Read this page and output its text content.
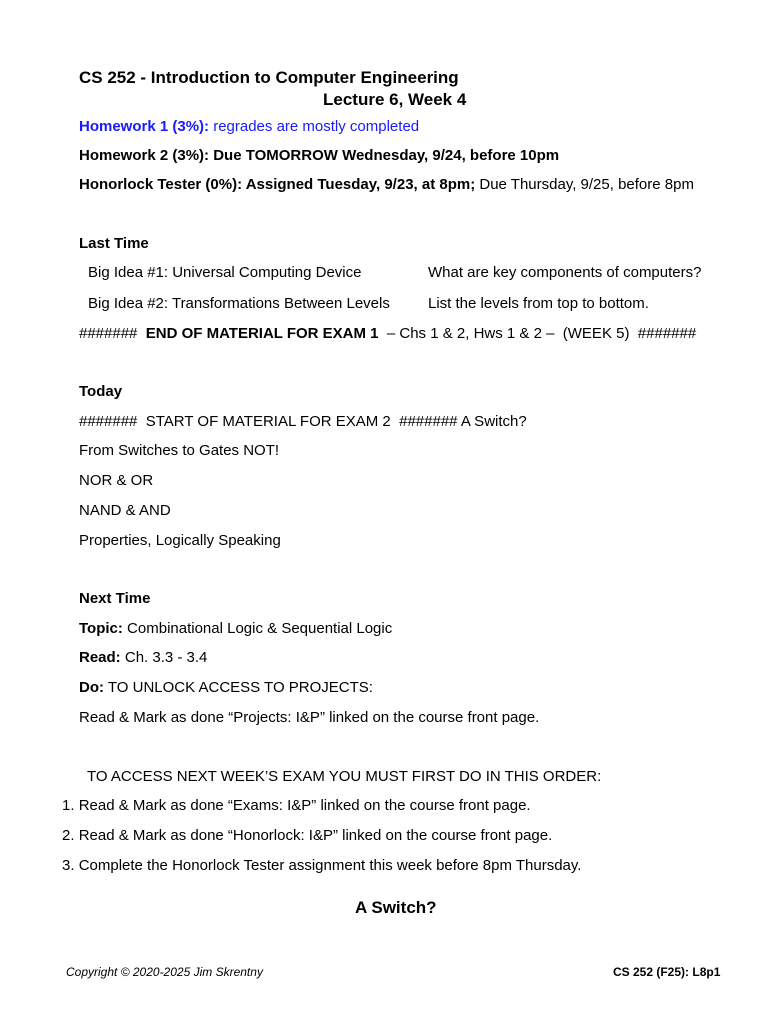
CS 252 - Introduction to Computer Engineering
Lecture 6, Week 4
Homework 1 (3%): regrades are mostly completed
Homework 2 (3%): Due TOMORROW Wednesday, 9/24, before 10pm
Honorlock Tester (0%): Assigned Tuesday, 9/23, at 8pm; Due Thursday, 9/25, before 8pm
Last Time
Big Idea #1: Universal Computing Device	What are key components of computers?
Big Idea #2: Transformations Between Levels	List the levels from top to bottom.
#######  END OF MATERIAL FOR EXAM 1  – Chs 1 & 2, Hws 1 & 2 –  (WEEK 5)  #######
Today
#######  START OF MATERIAL FOR EXAM 2  ####### A Switch?
From Switches to Gates NOT!
NOR & OR
NAND & AND
Properties, Logically Speaking
Next Time
Topic: Combinational Logic & Sequential Logic
Read: Ch. 3.3 - 3.4
Do: TO UNLOCK ACCESS TO PROJECTS:
Read & Mark as done “Projects: I&P” linked on the course front page.
TO ACCESS NEXT WEEK’S EXAM YOU MUST FIRST DO IN THIS ORDER:
1. Read & Mark as done “Exams: I&P” linked on the course front page.
2. Read & Mark as done “Honorlock: I&P” linked on the course front page.
3. Complete the Honorlock Tester assignment this week before 8pm Thursday.
A Switch?
Copyright © 2020-2025 Jim Skrentny	CS 252 (F25): L8p1
